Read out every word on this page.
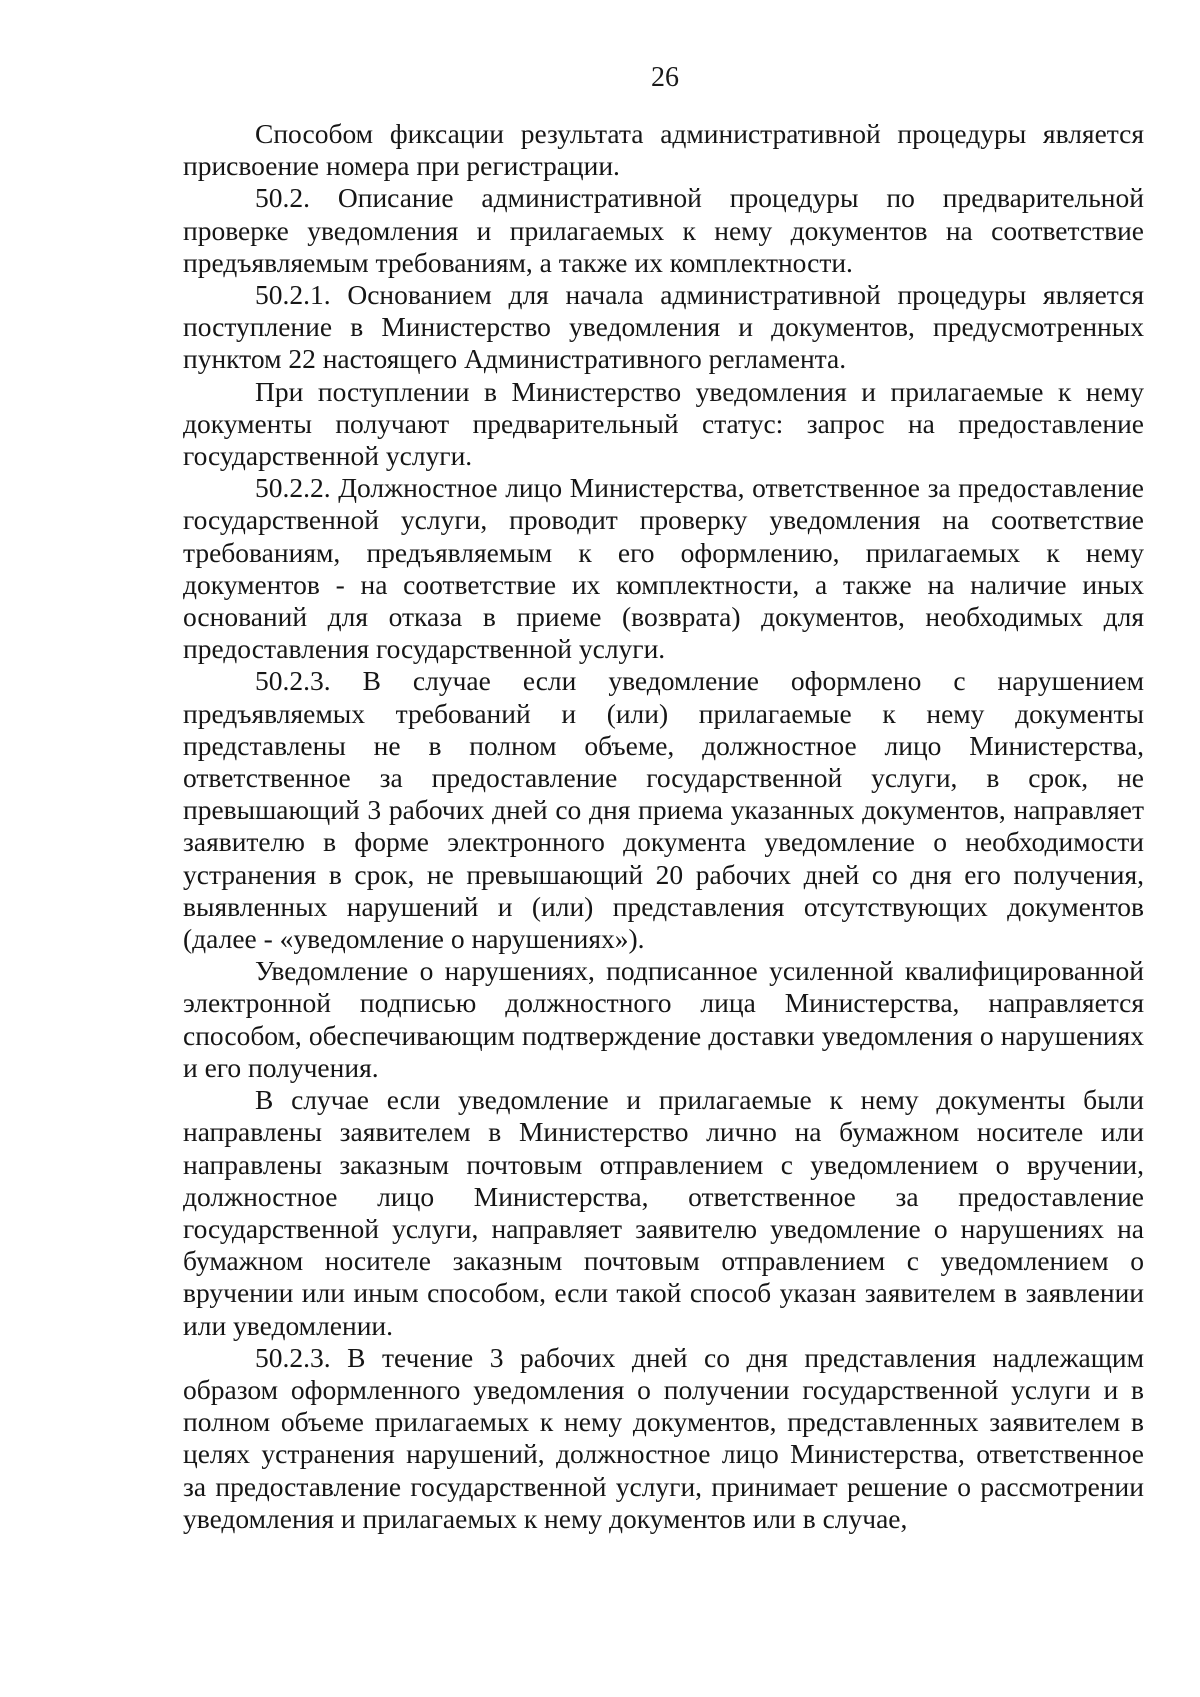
26

Способом фиксации результата административной процедуры является присвоение номера при регистрации.

50.2. Описание административной процедуры по предварительной проверке уведомления и прилагаемых к нему документов на соответствие предъявляемым требованиям, а также их комплектности.

50.2.1. Основанием для начала административной процедуры является поступление в Министерство уведомления и документов, предусмотренных пунктом 22 настоящего Административного регламента.

При поступлении в Министерство уведомления и прилагаемые к нему документы получают предварительный статус: запрос на предоставление государственной услуги.

50.2.2. Должностное лицо Министерства, ответственное за предоставление государственной услуги, проводит проверку уведомления на соответствие требованиям, предъявляемым к его оформлению, прилагаемых к нему документов - на соответствие их комплектности, а также на наличие иных оснований для отказа в приеме (возврата) документов, необходимых для предоставления государственной услуги.

50.2.3. В случае если уведомление оформлено с нарушением предъявляемых требований и (или) прилагаемые к нему документы представлены не в полном объеме, должностное лицо Министерства, ответственное за предоставление государственной услуги, в срок, не превышающий 3 рабочих дней со дня приема указанных документов, направляет заявителю в форме электронного документа уведомление о необходимости устранения в срок, не превышающий 20 рабочих дней со дня его получения, выявленных нарушений и (или) представления отсутствующих документов (далее - «уведомление о нарушениях»).

Уведомление о нарушениях, подписанное усиленной квалифицированной электронной подписью должностного лица Министерства, направляется способом, обеспечивающим подтверждение доставки уведомления о нарушениях и его получения.

В случае если уведомление и прилагаемые к нему документы были направлены заявителем в Министерство лично на бумажном носителе или направлены заказным почтовым отправлением с уведомлением о вручении, должностное лицо Министерства, ответственное за предоставление государственной услуги, направляет заявителю уведомление о нарушениях на бумажном носителе заказным почтовым отправлением с уведомлением о вручении или иным способом, если такой способ указан заявителем в заявлении или уведомлении.

50.2.3. В течение 3 рабочих дней со дня представления надлежащим образом оформленного уведомления о получении государственной услуги и в полном объеме прилагаемых к нему документов, представленных заявителем в целях устранения нарушений, должностное лицо Министерства, ответственное за предоставление государственной услуги, принимает решение о рассмотрении уведомления и прилагаемых к нему документов или в случае,
